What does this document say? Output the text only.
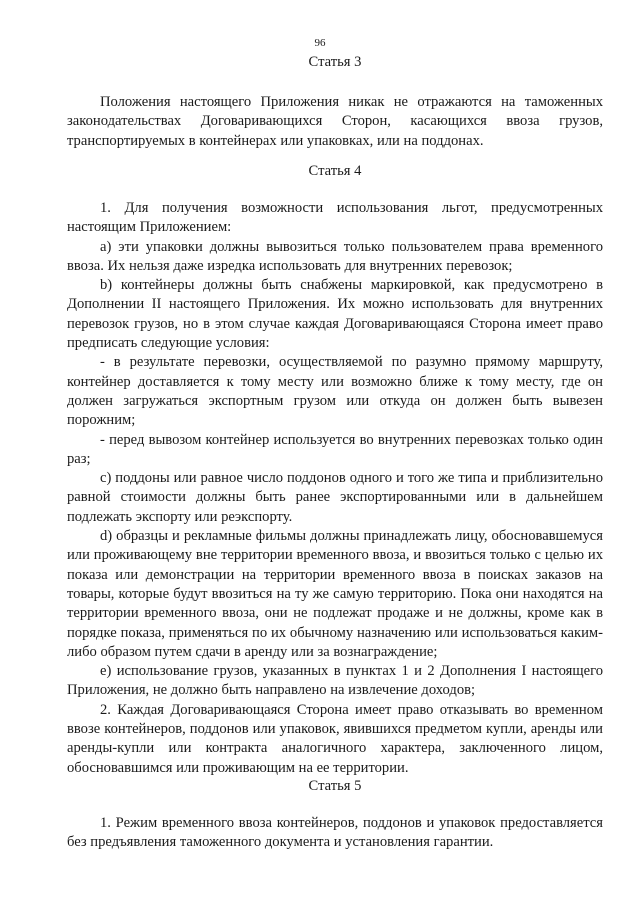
96
Статья 3

Положения настоящего Приложения никак не отражаются на таможенных законодательствах Договаривающихся Сторон, касающихся ввоза грузов, транспортируемых в контейнерах или упаковках, или на поддонах.

Статья 4

1. Для получения возможности использования льгот, предусмотренных настоящим Приложением:

a) эти упаковки должны вывозиться только пользователем права временного ввоза. Их нельзя даже изредка использовать для внутренних перевозок;

b) контейнеры должны быть снабжены маркировкой, как предусмотрено в Дополнении II настоящего Приложения. Их можно использовать для внутренних перевозок грузов, но в этом случае каждая Договаривающаяся Сторона имеет право предписать следующие условия:

- в результате перевозки, осуществляемой по разумно прямому маршруту, контейнер доставляется к тому месту или возможно ближе к тому месту, где он должен загружаться экспортным грузом или откуда он должен быть вывезен порожним;

- перед вывозом контейнер используется во внутренних перевозках только один раз;

c) поддоны или равное число поддонов одного и того же типа и приблизительно равной стоимости должны быть ранее экспортированными или в дальнейшем подлежать экспорту или реэкспорту.

d) образцы и рекламные фильмы должны принадлежать лицу, обосновавшемуся или проживающему вне территории временного ввоза, и ввозиться только с целью их показа или демонстрации на территории временного ввоза в поисках заказов на товары, которые будут ввозиться на ту же самую территорию. Пока они находятся на территории временного ввоза, они не подлежат продаже и не должны, кроме как в порядке показа, применяться по их обычному назначению или использоваться каким-либо образом путем сдачи в аренду или за вознаграждение;

e) использование грузов, указанных в пунктах 1 и 2 Дополнения I настоящего Приложения, не должно быть направлено на извлечение доходов;

2. Каждая Договаривающаяся Сторона имеет право отказывать во временном ввозе контейнеров, поддонов или упаковок, явившихся предметом купли, аренды или аренды-купли или контракта аналогичного характера, заключенного лицом, обосновавшимся или проживающим на ее территории.

Статья 5

1. Режим временного ввоза контейнеров, поддонов и упаковок предоставляется без предъявления таможенного документа и установления гарантии.
